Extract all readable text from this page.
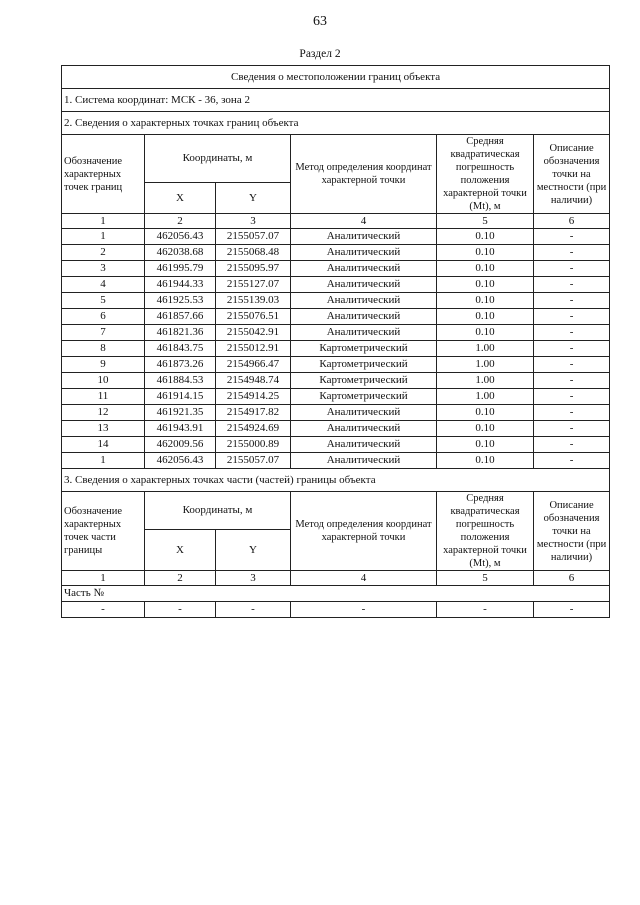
63
Раздел 2
Сведения о местоположении границ объекта					
1. Система координат: МСК - 36, зона 2					
2. Сведения о характерных точках границ объекта					
Обозначение характерных точек границ	Координаты, м		Метод определения координат характерной точки	Средняя квадратическая погрешность положения характерной точки (Mt), м	Описание обозначения точки на местности (при наличии)
	X	Y			
1	2	3	4	5	6
1	462056.43	2155057.07	Аналитический	0.10	-
2	462038.68	2155068.48	Аналитический	0.10	-
3	461995.79	2155095.97	Аналитический	0.10	-
4	461944.33	2155127.07	Аналитический	0.10	-
5	461925.53	2155139.03	Аналитический	0.10	-
6	461857.66	2155076.51	Аналитический	0.10	-
7	461821.36	2155042.91	Аналитический	0.10	-
8	461843.75	2155012.91	Картометрический	1.00	-
9	461873.26	2154966.47	Картометрический	1.00	-
10	461884.53	2154948.74	Картометрический	1.00	-
11	461914.15	2154914.25	Картометрический	1.00	-
12	461921.35	2154917.82	Аналитический	0.10	-
13	461943.91	2154924.69	Аналитический	0.10	-
14	462009.56	2155000.89	Аналитический	0.10	-
1	462056.43	2155057.07	Аналитический	0.10	-
3. Сведения о характерных точках части (частей) границы объекта					

Обозначение характерных точек части границы	Координаты, м		Метод определения координат характерной точки	Средняя квадратическая погрешность положения характерной точки (Mt), м	Описание обозначения точки на местности (при наличии)
	X	Y			
1	2	3	4	5	6
Часть №					
-	-	-	-	-	-
